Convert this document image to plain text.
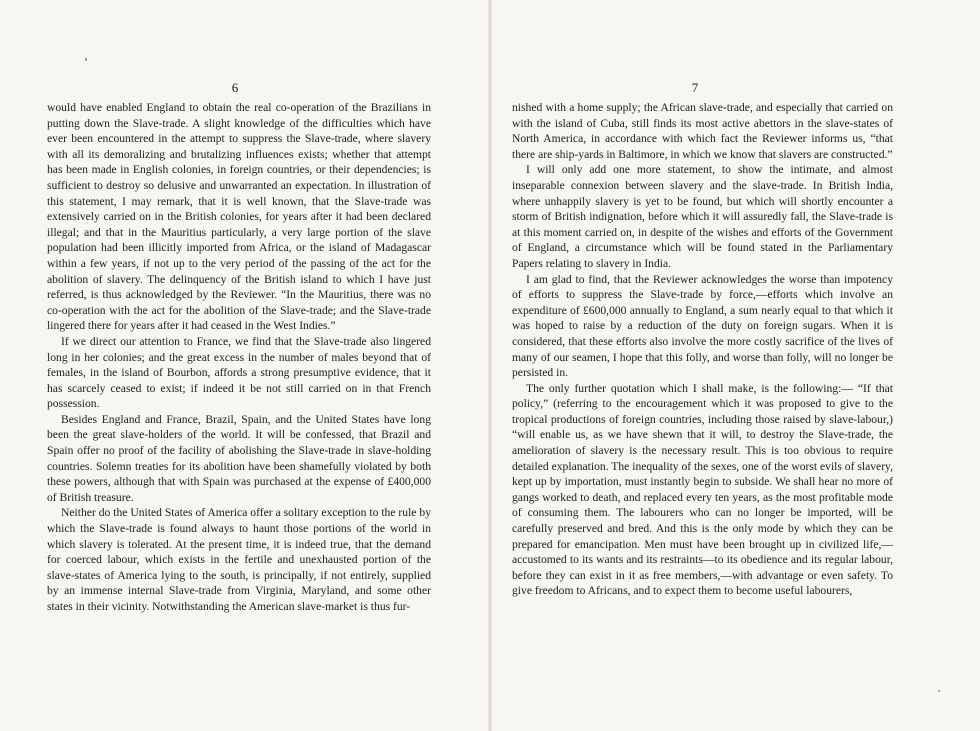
6

would have enabled England to obtain the real co-operation of the Brazilians in putting down the Slave-trade. A slight knowledge of the difficulties which have ever been encountered in the attempt to suppress the Slave-trade, where slavery with all its demoralizing and brutalizing influences exists; whether that attempt has been made in English colonies, in foreign countries, or their dependencies; is sufficient to destroy so delusive and unwarranted an expectation. In illustration of this statement, I may remark, that it is well known, that the Slave-trade was extensively carried on in the British colonies, for years after it had been declared illegal; and that in the Mauritius particularly, a very large portion of the slave population had been illicitly imported from Africa, or the island of Madagascar within a few years, if not up to the very period of the passing of the act for the abolition of slavery. The delinquency of the British island to which I have just referred, is thus acknowledged by the Reviewer. “In the Mauritius, there was no co-operation with the act for the abolition of the Slave-trade; and the Slave-trade lingered there for years after it had ceased in the West Indies.”

If we direct our attention to France, we find that the Slave-trade also lingered long in her colonies; and the great excess in the number of males beyond that of females, in the island of Bourbon, affords a strong presumptive evidence, that it has scarcely ceased to exist; if indeed it be not still carried on in that French possession.

Besides England and France, Brazil, Spain, and the United States have long been the great slave-holders of the world. It will be confessed, that Brazil and Spain offer no proof of the facility of abolishing the Slave-trade in slave-holding countries. Solemn treaties for its abolition have been shamefully violated by both these powers, although that with Spain was purchased at the expense of £400,000 of British treasure.

Neither do the United States of America offer a solitary exception to the rule by which the Slave-trade is found always to haunt those portions of the world in which slavery is tolerated. At the present time, it is indeed true, that the demand for coerced labour, which exists in the fertile and unexhausted portion of the slave-states of America lying to the south, is principally, if not entirely, supplied by an immense internal Slave-trade from Virginia, Maryland, and some other states in their vicinity. Notwithstanding the American slave-market is thus fur-

7

nished with a home supply; the African slave-trade, and especially that carried on with the island of Cuba, still finds its most active abettors in the slave-states of North America, in accordance with which fact the Reviewer informs us, “that there are ship-yards in Baltimore, in which we know that slavers are constructed.”

I will only add one more statement, to show the intimate, and almost inseparable connexion between slavery and the slave-trade. In British India, where unhappily slavery is yet to be found, but which will shortly encounter a storm of British indignation, before which it will assuredly fall, the Slave-trade is at this moment carried on, in despite of the wishes and efforts of the Government of England, a circumstance which will be found stated in the Parliamentary Papers relating to slavery in India.

I am glad to find, that the Reviewer acknowledges the worse than impotency of efforts to suppress the Slave-trade by force,—efforts which involve an expenditure of £600,000 annually to England, a sum nearly equal to that which it was hoped to raise by a reduction of the duty on foreign sugars. When it is considered, that these efforts also involve the more costly sacrifice of the lives of many of our seamen, I hope that this folly, and worse than folly, will no longer be persisted in.

The only further quotation which I shall make, is the following:— “If that policy,” (referring to the encouragement which it was proposed to give to the tropical productions of foreign countries, including those raised by slave-labour,) “will enable us, as we have shewn that it will, to destroy the Slave-trade, the amelioration of slavery is the necessary result. This is too obvious to require detailed explanation. The inequality of the sexes, one of the worst evils of slavery, kept up by importation, must instantly begin to subside. We shall hear no more of gangs worked to death, and replaced every ten years, as the most profitable mode of consuming them. The labourers who can no longer be imported, will be carefully preserved and bred. And this is the only mode by which they can be prepared for emancipation. Men must have been brought up in civilized life,—accustomed to its wants and its restraints—to its obedience and its regular labour, before they can exist in it as free members,—with advantage or even safety. To give freedom to Africans, and to expect them to become useful labourers,
